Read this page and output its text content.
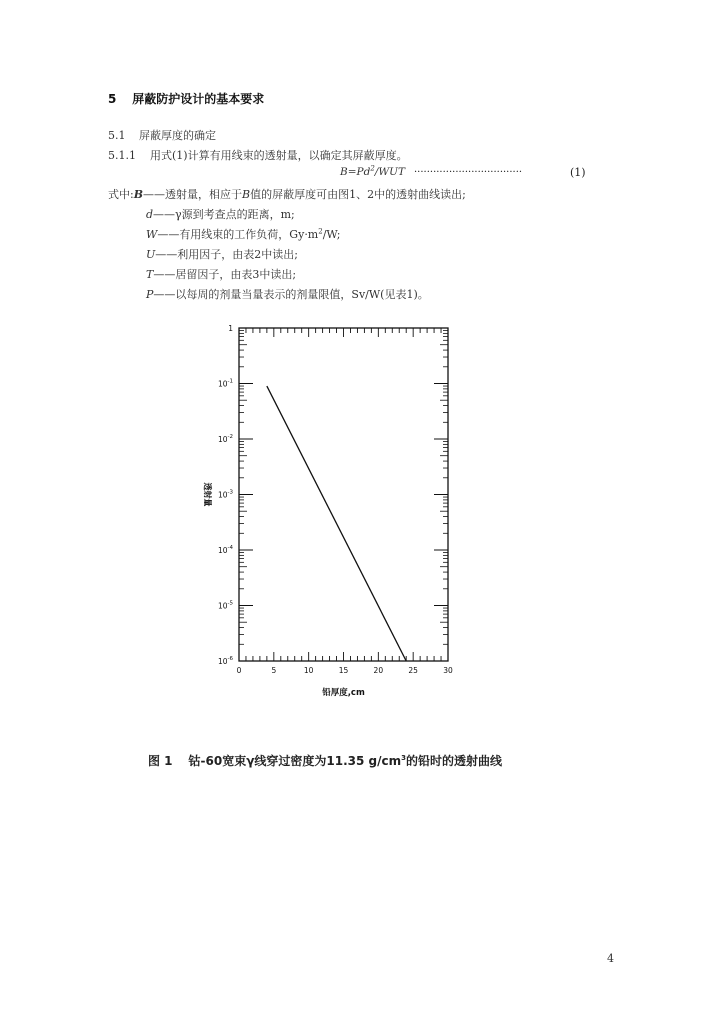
5 屏蔽防护设计的基本要求
5.1 屏蔽厚度的确定
5.1.1 用式(1)计算有用线束的透射量，以确定其屏蔽厚度。
$B=Pd^2$/WUT ··································	(1)
式中:B——透射量，相应于B值的屏蔽厚度可由图1、2中的透射曲线读出;
d——γ源到考查点的距离，m;
W——有用线束的工作负荷，$Gy\cdot m^2/W$;
U——利用因子，由表2中读出;
T——居留因子，由表3中读出;
P——以每周的剂量当量表示的剂量限值，Sv/W(见表1)。
1
$10^{-1}$
$10^{-2}$
$10^{-3}$
$10^{-4}$
$10^{-5}$
$10^{-6}$
0	5	10	15	20	25	30
铅厚度,cm
透射量
图 1 钴-60宽束γ线穿过密度为11.35 $g/cm^3$的铅时的透射曲线
4
